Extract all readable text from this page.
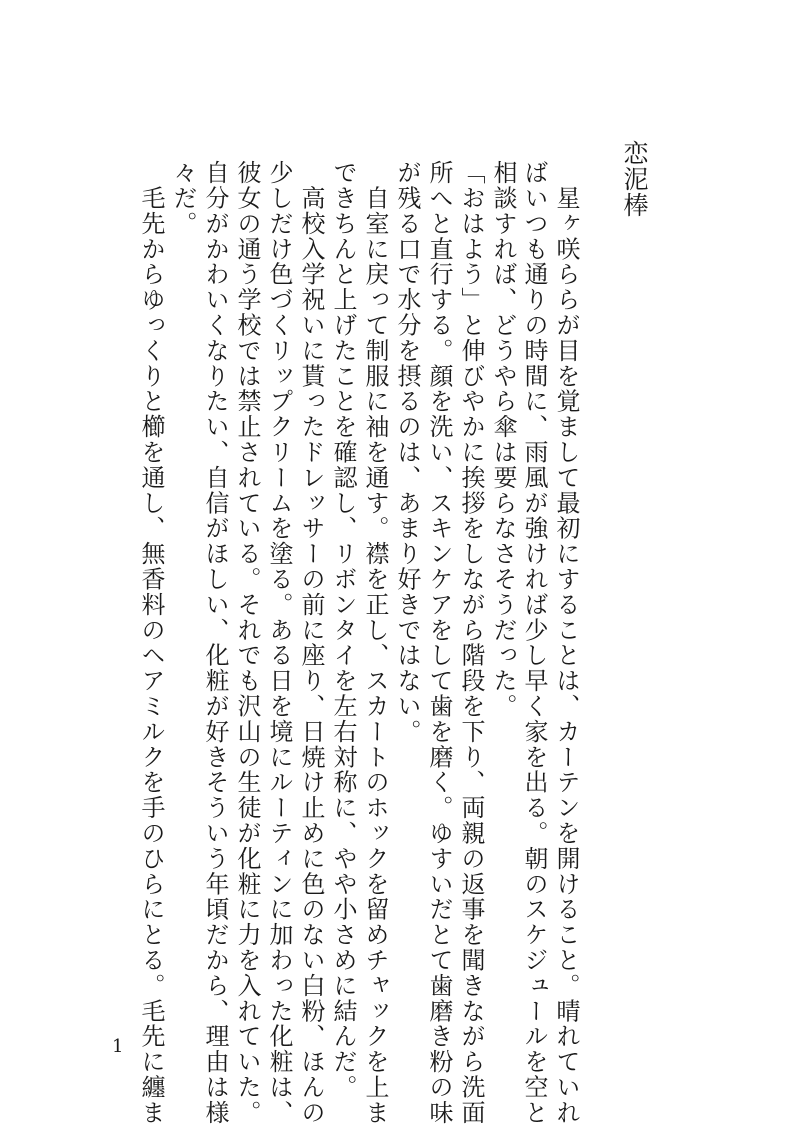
恋泥棒
　星ヶ咲ららが目を覚まして最初にすることは、カーテンを開けること。晴れていれ
ばいつも通りの時間に、雨風が強ければ少し早く家を出る。朝のスケジュールを空と
相談すれば、どうやら傘は要らなさそうだった。
「おはよう」と伸びやかに挨拶をしながら階段を下り、両親の返事を聞きながら洗面
所へと直行する。顔を洗い、スキンケアをして歯を磨く。ゆすいだとて歯磨き粉の味
が残る口で水分を摂るのは、あまり好きではない。
　自室に戻って制服に袖を通す。襟を正し、スカートのホックを留めチャックを上ま
できちんと上げたことを確認し、リボンタイを左右対称に、やや小さめに結んだ。
　高校入学祝いに貰ったドレッサーの前に座り、日焼け止めに色のない白粉、ほんの
少しだけ色づくリップクリームを塗る。ある日を境にルーティンに加わった化粧は、
彼女の通う学校では禁止されている。それでも沢山の生徒が化粧に力を入れていた。
自分がかわいくなりたい、自信がほしい、化粧が好きそういう年頃だから、理由は様
々だ。
　毛先からゆっくりと櫛を通し、無香料のヘアミルクを手のひらにとる。毛先に纏ま
1
